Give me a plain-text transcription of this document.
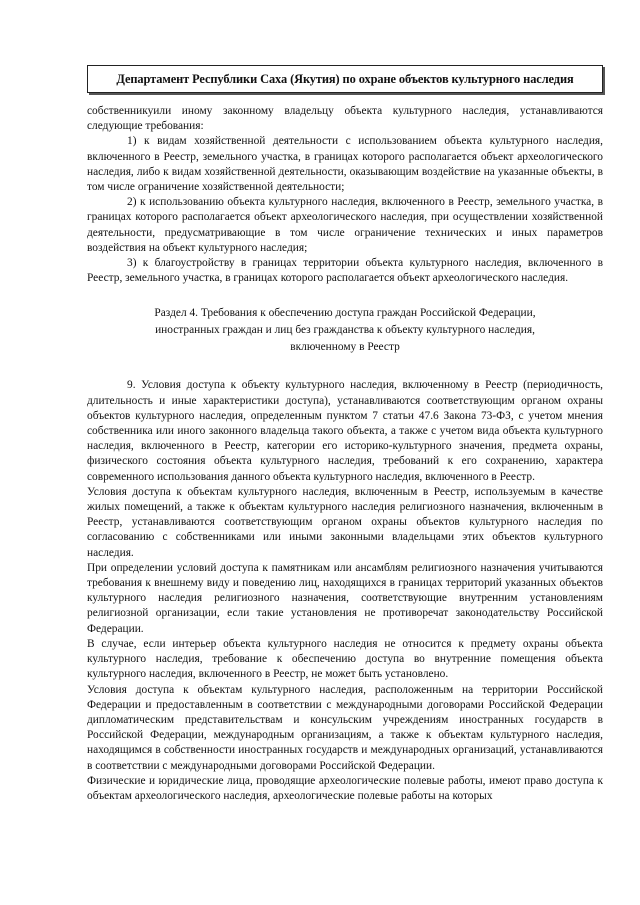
Департамент Республики Саха (Якутия) по охране объектов культурного наследия

собственникуили иному законному владельцу объекта культурного наследия, устанавливаются следующие требования:

1) к видам хозяйственной деятельности с использованием объекта культурного наследия, включенного в Реестр, земельного участка, в границах которого располагается объект археологического наследия, либо к видам хозяйственной деятельности, оказывающим воздействие на указанные объекты, в том числе ограничение хозяйственной деятельности;

2) к использованию объекта культурного наследия, включенного в Реестр, земельного участка, в границах которого располагается объект археологического наследия, при осуществлении хозяйственной деятельности, предусматривающие в том числе ограничение технических и иных параметров воздействия на объект культурного наследия;

3) к благоустройству в границах территории объекта культурного наследия, включенного в Реестр, земельного участка, в границах которого располагается объект археологического наследия.

Раздел 4. Требования к обеспечению доступа граждан Российской Федерации,
иностранных граждан и лиц без гражданства к объекту культурного наследия,
включенному в Реестр

9. Условия доступа к объекту культурного наследия, включенному в Реестр (периодичность, длительность и иные характеристики доступа), устанавливаются соответствующим органом охраны объектов культурного наследия, определенным пунктом 7 статьи 47.6 Закона 73-ФЗ, с учетом мнения собственника или иного законного владельца такого объекта, а также с учетом вида объекта культурного наследия, включенного в Реестр, категории его историко-культурного значения, предмета охраны, физического состояния объекта культурного наследия, требований к его сохранению, характера современного использования данного объекта культурного наследия, включенного в Реестр.

Условия доступа к объектам культурного наследия, включенным в Реестр, используемым в качестве жилых помещений, а также к объектам культурного наследия религиозного назначения, включенным в Реестр, устанавливаются соответствующим органом охраны объектов культурного наследия по согласованию с собственниками или иными законными владельцами этих объектов культурного наследия.

При определении условий доступа к памятникам или ансамблям религиозного назначения учитываются требования к внешнему виду и поведению лиц, находящихся в границах территорий указанных объектов культурного наследия религиозного назначения, соответствующие внутренним установлениям религиозной организации, если такие установления не противоречат законодательству Российской Федерации.

В случае, если интерьер объекта культурного наследия не относится к предмету охраны объекта культурного наследия, требование к обеспечению доступа во внутренние помещения объекта культурного наследия, включенного в Реестр, не может быть установлено.

Условия доступа к объектам культурного наследия, расположенным на территории Российской Федерации и предоставленным в соответствии с международными договорами Российской Федерации дипломатическим представительствам и консульским учреждениям иностранных государств в Российской Федерации, международным организациям, а также к объектам культурного наследия, находящимся в собственности иностранных государств и международных организаций, устанавливаются в соответствии с международными договорами Российской Федерации.

Физические и юридические лица, проводящие археологические полевые работы, имеют право доступа к объектам археологического наследия, археологические полевые работы на которых
